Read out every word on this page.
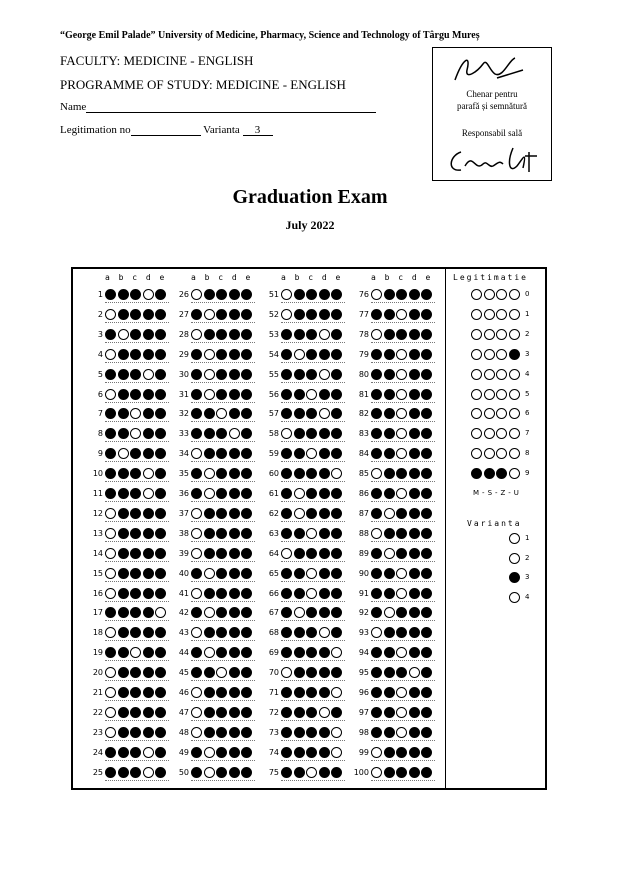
“George Emil Palade” University of Medicine, Pharmacy, Science and Technology of Târgu Mureș
FACULTY: MEDICINE - ENGLISH
PROGRAMME OF STUDY: MEDICINE - ENGLISH
Name
Legitimation no	Varianta 3
Chenar pentru
parafă și semnătură
Responsabil sală
Graduation Exam
July 2022
a b c d e
1
2
3
4
5
6
7
8
9
10
11
12
13
14
15
16
17
18
19
20
21
22
23
24
25
a b c d e
26
27
28
29
30
31
32
33
34
35
36
37
38
39
40
41
42
43
44
45
46
47
48
49
50
a b c d e
51
52
53
54
55
56
57
58
59
60
61
62
63
64
65
66
67
68
69
70
71
72
73
74
75
a b c d e
76
77
78
79
80
81
82
83
84
85
86
87
88
89
90
91
92
93
94
95
96
97
98
99
100
Legitimatie
0
1
2
3
4
5
6
7
8
9
M-S-Z-U
Varianta
1
2
3
4
